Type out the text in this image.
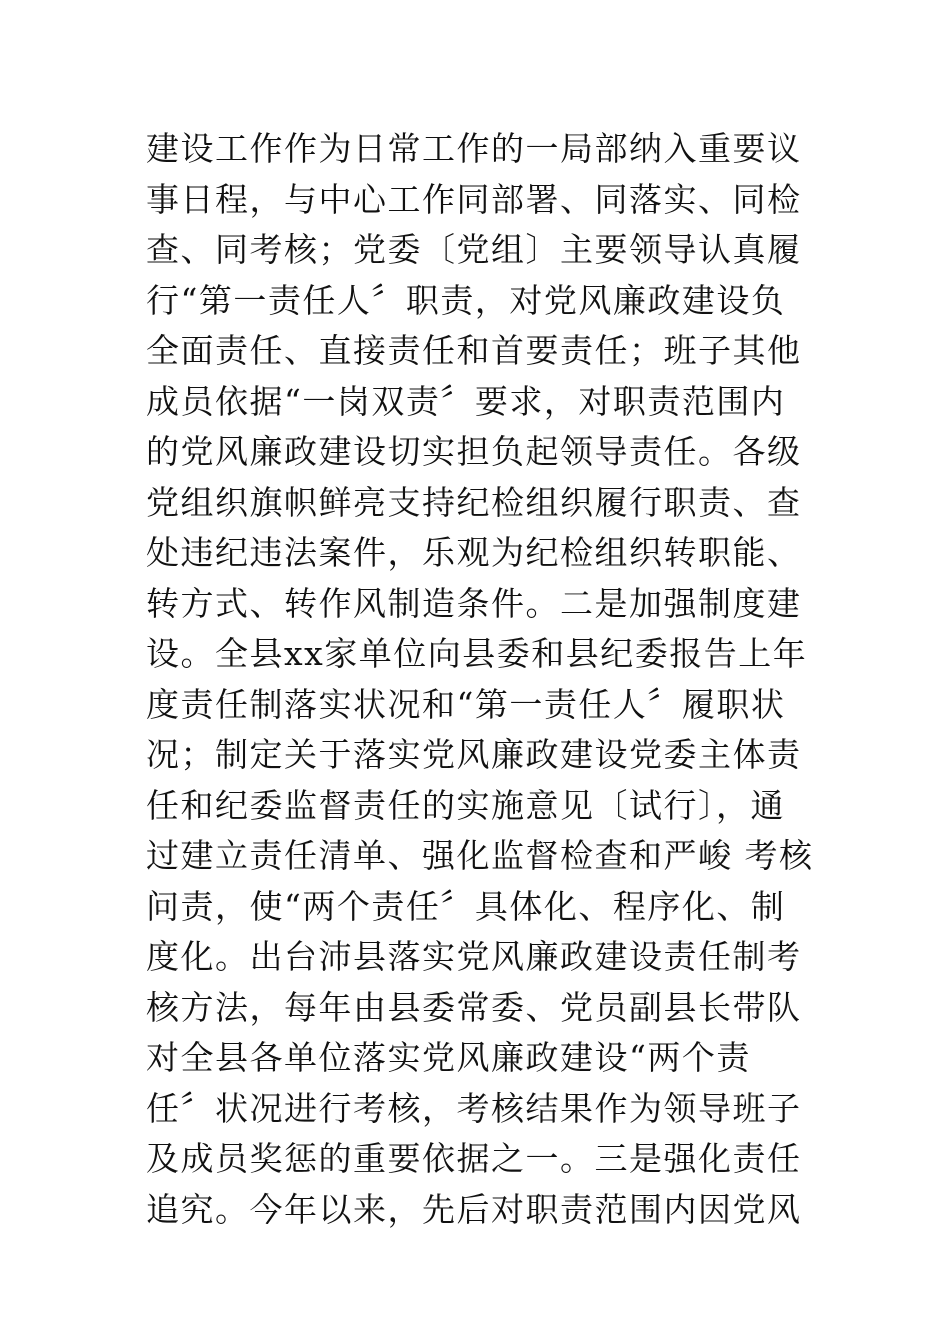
建设工作作为日常工作的一局部纳入重要议
事日程，与中心工作同部署、同落实、同检
查、同考核；党委〔党组〕主要领导认真履
行“第一责任人〞职责，对党风廉政建设负
全面责任、直接责任和首要责任；班子其他
成员依据“一岗双责〞要求，对职责范围内
的党风廉政建设切实担负起领导责任。各级
党组织旗帜鲜亮支持纪检组织履行职责、查
处违纪违法案件，乐观为纪检组织转职能、
转方式、转作风制造条件。二是加强制度建
设。全县xx家单位向县委和县纪委报告上年
度责任制落实状况和“第一责任人〞履职状
况；制定关于落实党风廉政建设党委主体责
任和纪委监督责任的实施意见〔试行〕，通
过建立责任清单、强化监督检查和严峻 考核
问责，使“两个责任〞具体化、程序化、制
度化。出台沛县落实党风廉政建设责任制考
核方法，每年由县委常委、党员副县长带队
对全县各单位落实党风廉政建设“两个责
任〞状况进行考核，考核结果作为领导班子
及成员奖惩的重要依据之一。三是强化责任
追究。今年以来，先后对职责范围内因党风
